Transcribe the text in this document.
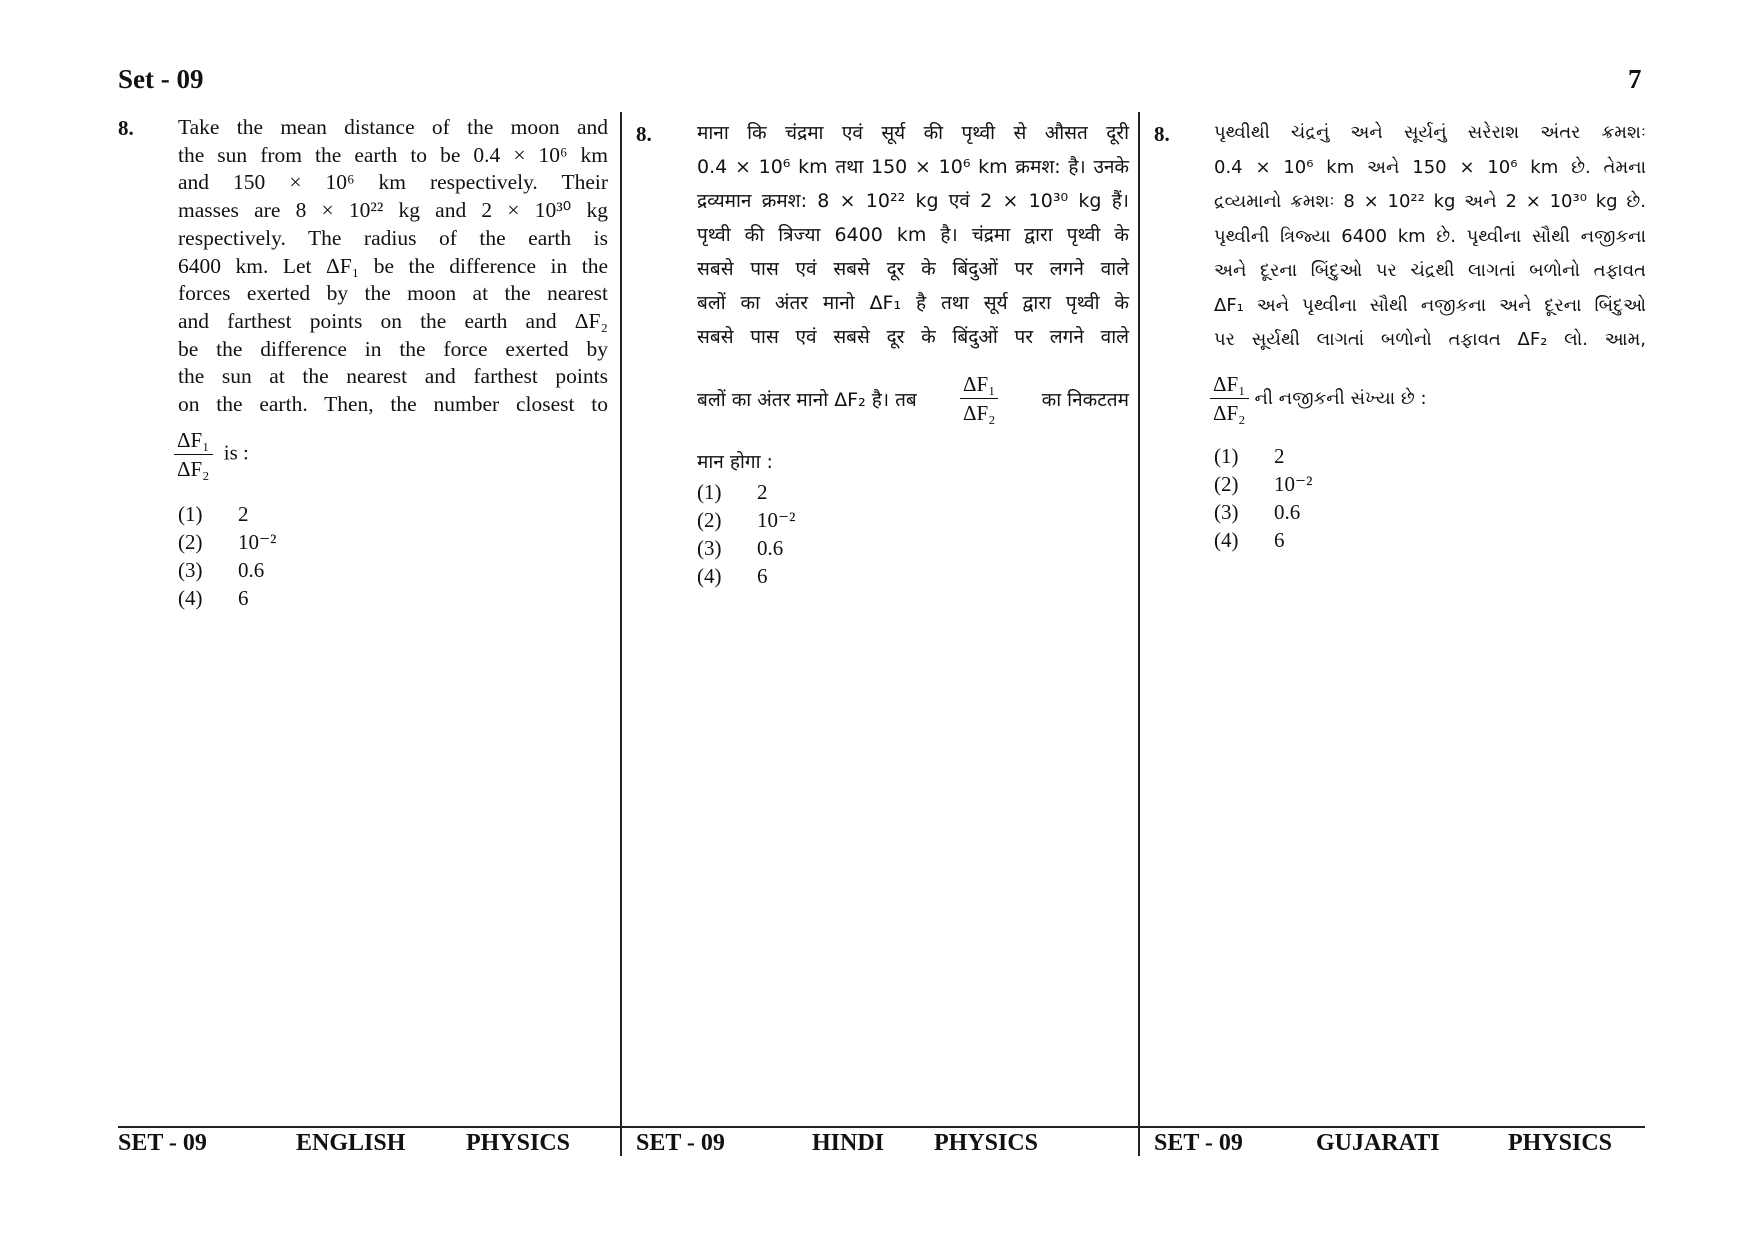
Set - 09	7
8. Take the mean distance of the moon and
the sun from the earth to be 0.4 × 10⁶ km
and 150 × 10⁶ km respectively. Their
masses are 8 × 10²² kg and 2 × 10³⁰ kg
respectively. The radius of the earth is
6400 km. Let ΔF₁ be the difference in the
forces exerted by the moon at the nearest
and farthest points on the earth and ΔF₂
be the difference in the force exerted by
the sun at the nearest and farthest points
on the earth. Then, the number closest to
$\frac{\text{ΔF₁}}{\text{ΔF₂}}$ is :
(1)	2
(2)	10⁻²
(3)	0.6
(4)	6
8. माना कि चंद्रमा एवं सूर्य की पृथ्वी से औसत दूरी
0.4 × 10⁶ km तथा 150 × 10⁶ km क्रमश: है। उनके
द्रव्यमान क्रमश: 8 × 10²² kg एवं 2 × 10³⁰ kg हैं।
पृथ्वी की त्रिज्या 6400 km है। चंद्रमा द्वारा पृथ्वी के
सबसे पास एवं सबसे दूर के बिंदुओं पर लगने वाले
बलों का अंतर मानो ΔF₁ है तथा सूर्य द्वारा पृथ्वी के
सबसे पास एवं सबसे दूर के बिंदुओं पर लगने वाले
बलों का अंतर मानो ΔF₂ है। तब $\frac{\text{ΔF₁}}{\text{ΔF₂}}$ का निकटतम
मान होगा :
(1)	2
(2)	10⁻²
(3)	0.6
(4)	6
8. પૃથ્વીથી ચંદ્રનું અને સૂર્યનું સરેરાશ અંતર ક્રમશઃ
0.4 × 10⁶ km અને 150 × 10⁶ km છે. તેમના
દ્રવ્યમાનો ક્રમશઃ 8 × 10²² kg અને 2 × 10³⁰ kg છે.
પૃથ્વીની ત્રિજ્યા 6400 km છે. પૃથ્વીના સૌથી નજીકના
અને દૂરના બિંદુઓ પર ચંદ્રથી લાગતાં બળોનો તફાવત
ΔF₁ અને પૃથ્વીના સૌથી નજીકના અને દૂરના બિંદુઓ
પર સૂર્યથી લાગતાં બળોનો તફાવત ΔF₂ લો. આમ,
$\frac{\text{ΔF₁}}{\text{ΔF₂}}$ ની નજીકની સંખ્યા છે :
(1)	2
(2)	10⁻²
(3)	0.6
(4)	6
SET - 09	ENGLISH	PHYSICS	SET - 09	HINDI PHYSICS	SET - 09	GUJARATI	PHYSICS
